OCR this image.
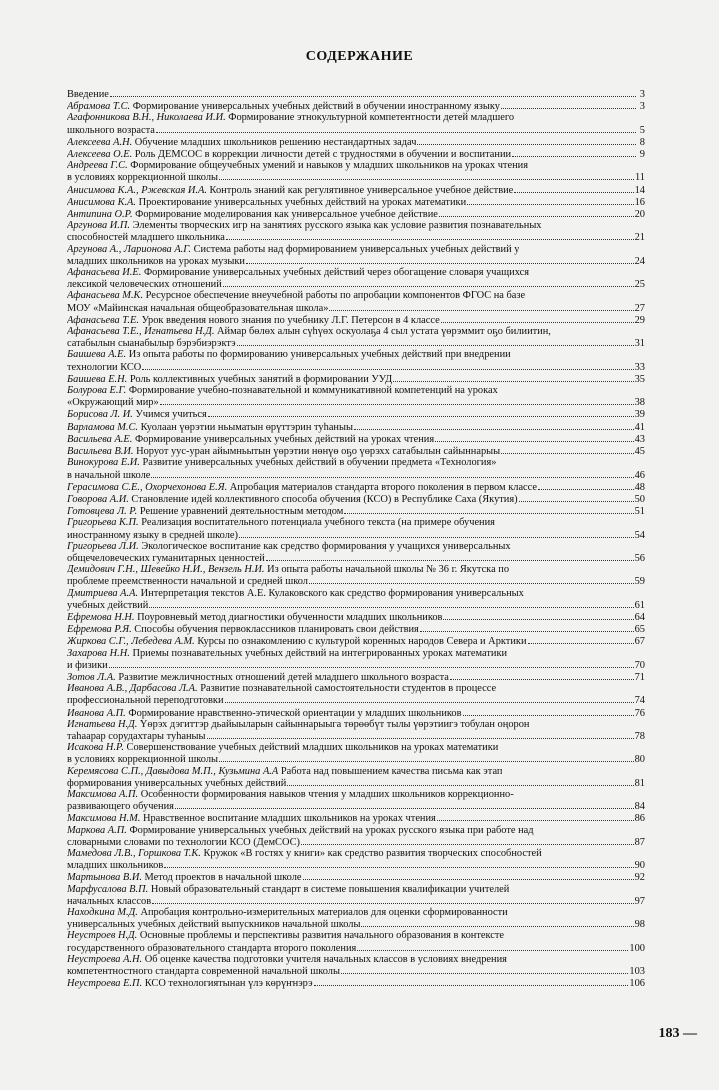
СОДЕРЖАНИЕ
Введение	3
Абрамова Т.С. Формирование универсальных учебных действий в обучении иностранному языку	3
Агафонникова В.Н., Николаева И.И. Формирование этнокультурной компетентности детей младшего
школьного возраста	5
Алексеева А.Н. Обучение младших школьников решению нестандартных задач	8
Алексеева О.Е. Роль ДЕМСОС в коррекции личности детей с трудностями в обучении и воспитании	9
Андреева Г.С. Формирование общеучебных умений и навыков у младших школьников на уроках чтения
в условиях коррекционной школы	11
Анисимова К.А., Ржевская И.А. Контроль знаний как регулятивное универсальное учебное действие	14
Анисимова К.А. Проектирование универсальных учебных действий на уроках математики	16
Антипина О.Р. Формирование моделирования как универсальное учебное действие	20
Аргунова И.П. Элементы творческих игр на занятиях русского языка как условие развития познавательных
способностей младшего школьника	21
Аргунова А., Ларионова А.Г. Система работы над формированием универсальных учебных действий у
младших школьников на уроках музыки	24
Афанасьева И.Е. Формирование универсальных учебных действий через обогащение словаря учащихся
лексикой человеческих отношений	25
Афанасьева М.К. Ресурсное обеспечение внеучебной работы по апробации компонентов ФГОС на базе
МОУ «Майинская начальная общеобразовательная школа»	27
Афанасьева Т.Е. Урок введения нового знания по учебнику Л.Г. Петерсон в 4 классе	29
Афанасьева Т.Е., Игнатьева Н.Д. Аймар бөлөх алын сүһүөх оскуолаҕа 4 сыл устата үөрэммит оҕо билиитин,
сатабылын сыанабылыр бэрэбиэрэктэ	31
Баишева А.Е. Из опыта работы по формированию универсальных учебных действий при внедрении
технологии КСО	33
Баишева Е.Н. Роль коллективных учебных занятий в формировании УУД	35
Болурова Е.Г. Формирование учебно-познавательной и коммуникативной компетенций на уроках
«Окружающий мир»	38
Борисова Л. И. Учимся учиться	39
Варламова М.С. Куолаан үөрэтии ньыматын өрүттэрин туһаныы	41
Васильева А.Е. Формирование универсальных учебных действий на уроках чтения	43
Васильева В.И. Норуот уус-уран айымньытын үөрэтии нөнүө оҕо үөрэхх сатабылын сайыннарыы	45
Винокурова Е.И. Развитие универсальных учебных действий в обучении предмета «Технология»
в начальной школе	46
Герасимова С.Е., Охорчехонова Е.Я. Апробация материалов стандарта второго поколения в первом классе	48
Говорова А.И. Становление идей коллективного способа обучения (КСО) в Республике Саха (Якутия)	50
Готовцева Л. Р. Решение уравнений деятельностным методом	51
Григорьева К.П. Реализация воспитательного потенциала учебного текста (на примере обучения
иностранному языку в средней школе)	54
Григорьева Л.И. Экологическое воспитание как средство формирования у учащихся универсальных
общечеловеческих гуманитарных ценностей	56
Демидович Г.Н., Шевейко Н.И., Вензель Н.И. Из опыта работы начальной школы № 36 г. Якутска по
проблеме преемственности начальной и средней школ	59
Дмитриева А.А. Интерпретация текстов А.Е. Кулаковского как средство формирования универсальных
учебных действий	61
Ефремова Н.Н. Поуровневый метод диагностики обученности младших школьников	64
Ефремова Р.Я. Способы обучения первоклассников планировать свои действия	65
Жиркова С.Г., Лебедева А.М. Курсы по ознакомлению с культурой коренных народов Севера и Арктики	67
Захарова Н.Н. Приемы познавательных учебных действий на интегрированных уроках математики
и физики	70
Зотов Л.А. Развитие межличностных отношений детей младшего школьного возраста	71
Иванова А.В., Дарбасова Л.А. Развитие познавательной самостоятельности студентов в процессе
профессиональной переподготовки	74
Иванова А.П. Формирование нравственно-этической ориентации у младших школьников	76
Игнатьева Н.Д. Үөрэх дэгиттэр дьайыыларын сайыннарыыга төрөөбүт тылы үөрэтиигэ тобулан оңорон
таһаарар сорудахтары туһаныы	78
Исакова Н.Р. Совершенствование учебных действий младших школьников на уроках математики
в условиях коррекционной школы	80
Керемясова С.П., Давыдова М.П., Кузьмина А.А Работа над повышением качества письма как этап
формирования универсальных учебных действий	81
Максимова А.П. Особенности формирования навыков чтения у младших школьников коррекционно-
развивающего обучения	84
Максимова Н.М. Нравственное воспитание младших школьников на уроках чтения	86
Маркова А.П. Формирование универсальных учебных действий на уроках русского языка при работе над
словарными словами по технологии КСО (ДемСОС)	87
Мамедова Л.В., Горшкова Т.К. Кружок «В гостях у книги» как средство развития творческих способностей
младших школьников	90
Мартынова В.И. Метод проектов в начальной школе	92
Марфусалова В.П. Новый образовательный стандарт в системе повышения квалификации учителей
начальных классов	97
Находкина М.Д. Апробация контрольно-измерительных материалов для оценки сформированности
универсальных учебных действий выпускников начальной школы	98
Неустроев Н.Д. Основные проблемы и перспективы развития начального образования в контексте
государственного образовательного стандарта второго поколения	100
Неустроева А.Н. Об оценке качества подготовки учителя начальных классов в условиях внедрения
компетентностного стандарта современной начальной школы	103
Неустроева Е.П. КСО технологиятынан үлэ көрүҥнэрэ	106
183 —
